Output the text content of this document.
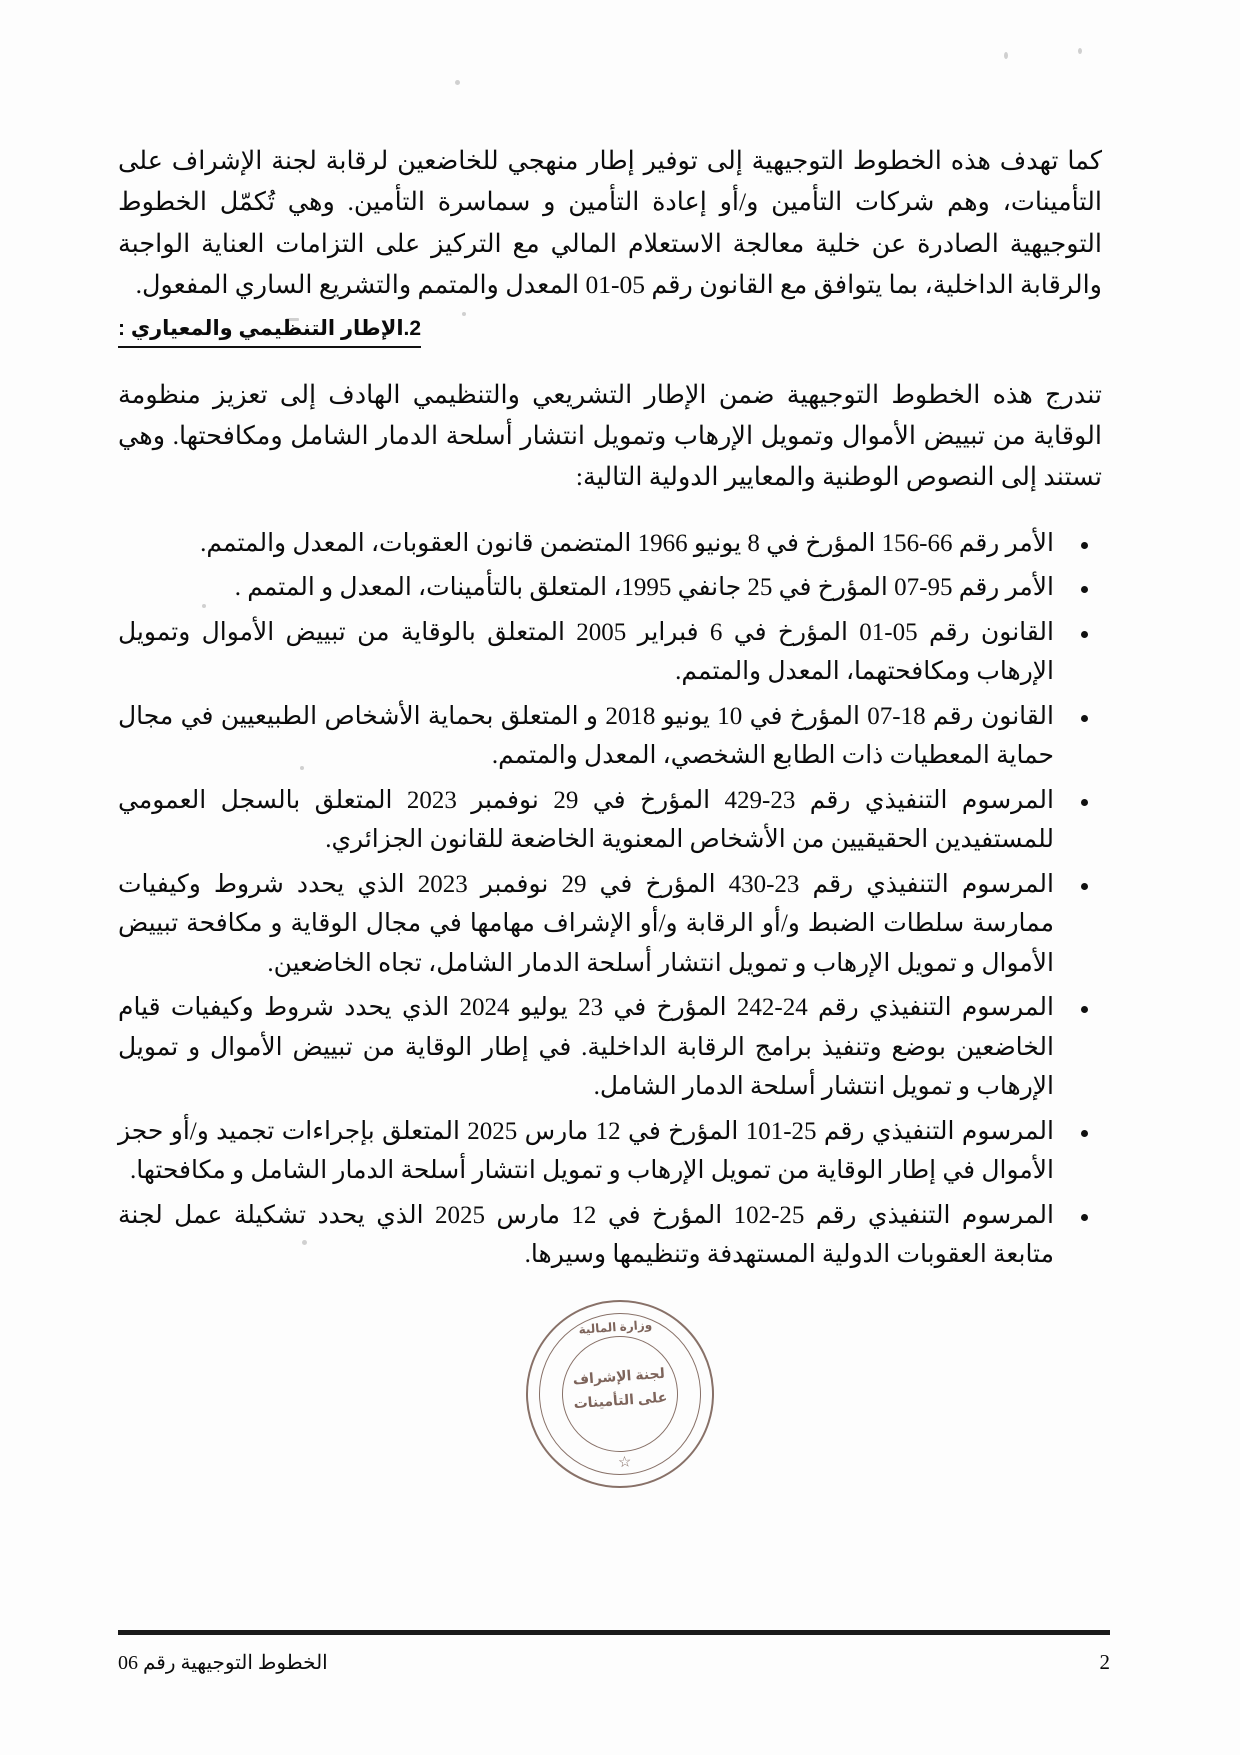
كما تهدف هذه الخطوط التوجيهية إلى توفير إطار منهجي للخاضعين لرقابة لجنة الإشراف على التأمينات، وهم شركات التأمين و/أو إعادة التأمين و سماسرة التأمين. وهي تُكمّل الخطوط التوجيهية الصادرة عن خلية معالجة الاستعلام المالي مع التركيز على التزامات العناية الواجبة والرقابة الداخلية، بما يتوافق مع القانون رقم 05-01 المعدل والمتمم والتشريع الساري المفعول.

2.الإطار التنظيمي والمعياري :

تندرج هذه الخطوط التوجيهية ضمن الإطار التشريعي والتنظيمي الهادف إلى تعزيز منظومة الوقاية من تبييض الأموال وتمويل الإرهاب وتمويل انتشار أسلحة الدمار الشامل ومكافحتها. وهي تستند إلى النصوص الوطنية والمعايير الدولية التالية:

الأمر رقم 66-156 المؤرخ في 8 يونيو 1966 المتضمن قانون العقوبات، المعدل والمتمم.
الأمر رقم 95-07 المؤرخ في 25 جانفي 1995، المتعلق بالتأمينات، المعدل و المتمم .
القانون رقم 05-01 المؤرخ في 6 فبراير 2005 المتعلق بالوقاية من تبييض الأموال وتمويل الإرهاب ومكافحتهما، المعدل والمتمم.
القانون رقم 18-07 المؤرخ في 10 يونيو 2018 و المتعلق بحماية الأشخاص الطبيعيين في مجال حماية المعطيات ذات الطابع الشخصي، المعدل والمتمم.
المرسوم التنفيذي رقم 23-429 المؤرخ في 29 نوفمبر 2023 المتعلق بالسجل العمومي للمستفيدين الحقيقيين من الأشخاص المعنوية الخاضعة للقانون الجزائري.
المرسوم التنفيذي رقم 23-430 المؤرخ في 29 نوفمبر 2023 الذي يحدد شروط وكيفيات ممارسة سلطات الضبط و/أو الرقابة و/أو الإشراف مهامها في مجال الوقاية و مكافحة تبييض الأموال و تمويل الإرهاب و تمويل انتشار أسلحة الدمار الشامل، تجاه الخاضعين.
المرسوم التنفيذي رقم 24-242 المؤرخ في 23 يوليو 2024 الذي يحدد شروط وكيفيات قيام الخاضعين بوضع وتنفيذ برامج الرقابة الداخلية. في إطار الوقاية من تبييض الأموال و تمويل الإرهاب و تمويل انتشار أسلحة الدمار الشامل.
المرسوم التنفيذي رقم 25-101 المؤرخ في 12 مارس 2025 المتعلق بإجراءات تجميد و/أو حجز الأموال في إطار الوقاية من تمويل الإرهاب و تمويل انتشار أسلحة الدمار الشامل و مكافحتها.
المرسوم التنفيذي رقم 25-102 المؤرخ في 12 مارس 2025 الذي يحدد تشكيلة عمل لجنة متابعة العقوبات الدولية المستهدفة وتنظيمها وسيرها.
وزارة المالية
لجنة الإشراف
على التأمينات
☆
الخطوط التوجيهية رقم 06	2
